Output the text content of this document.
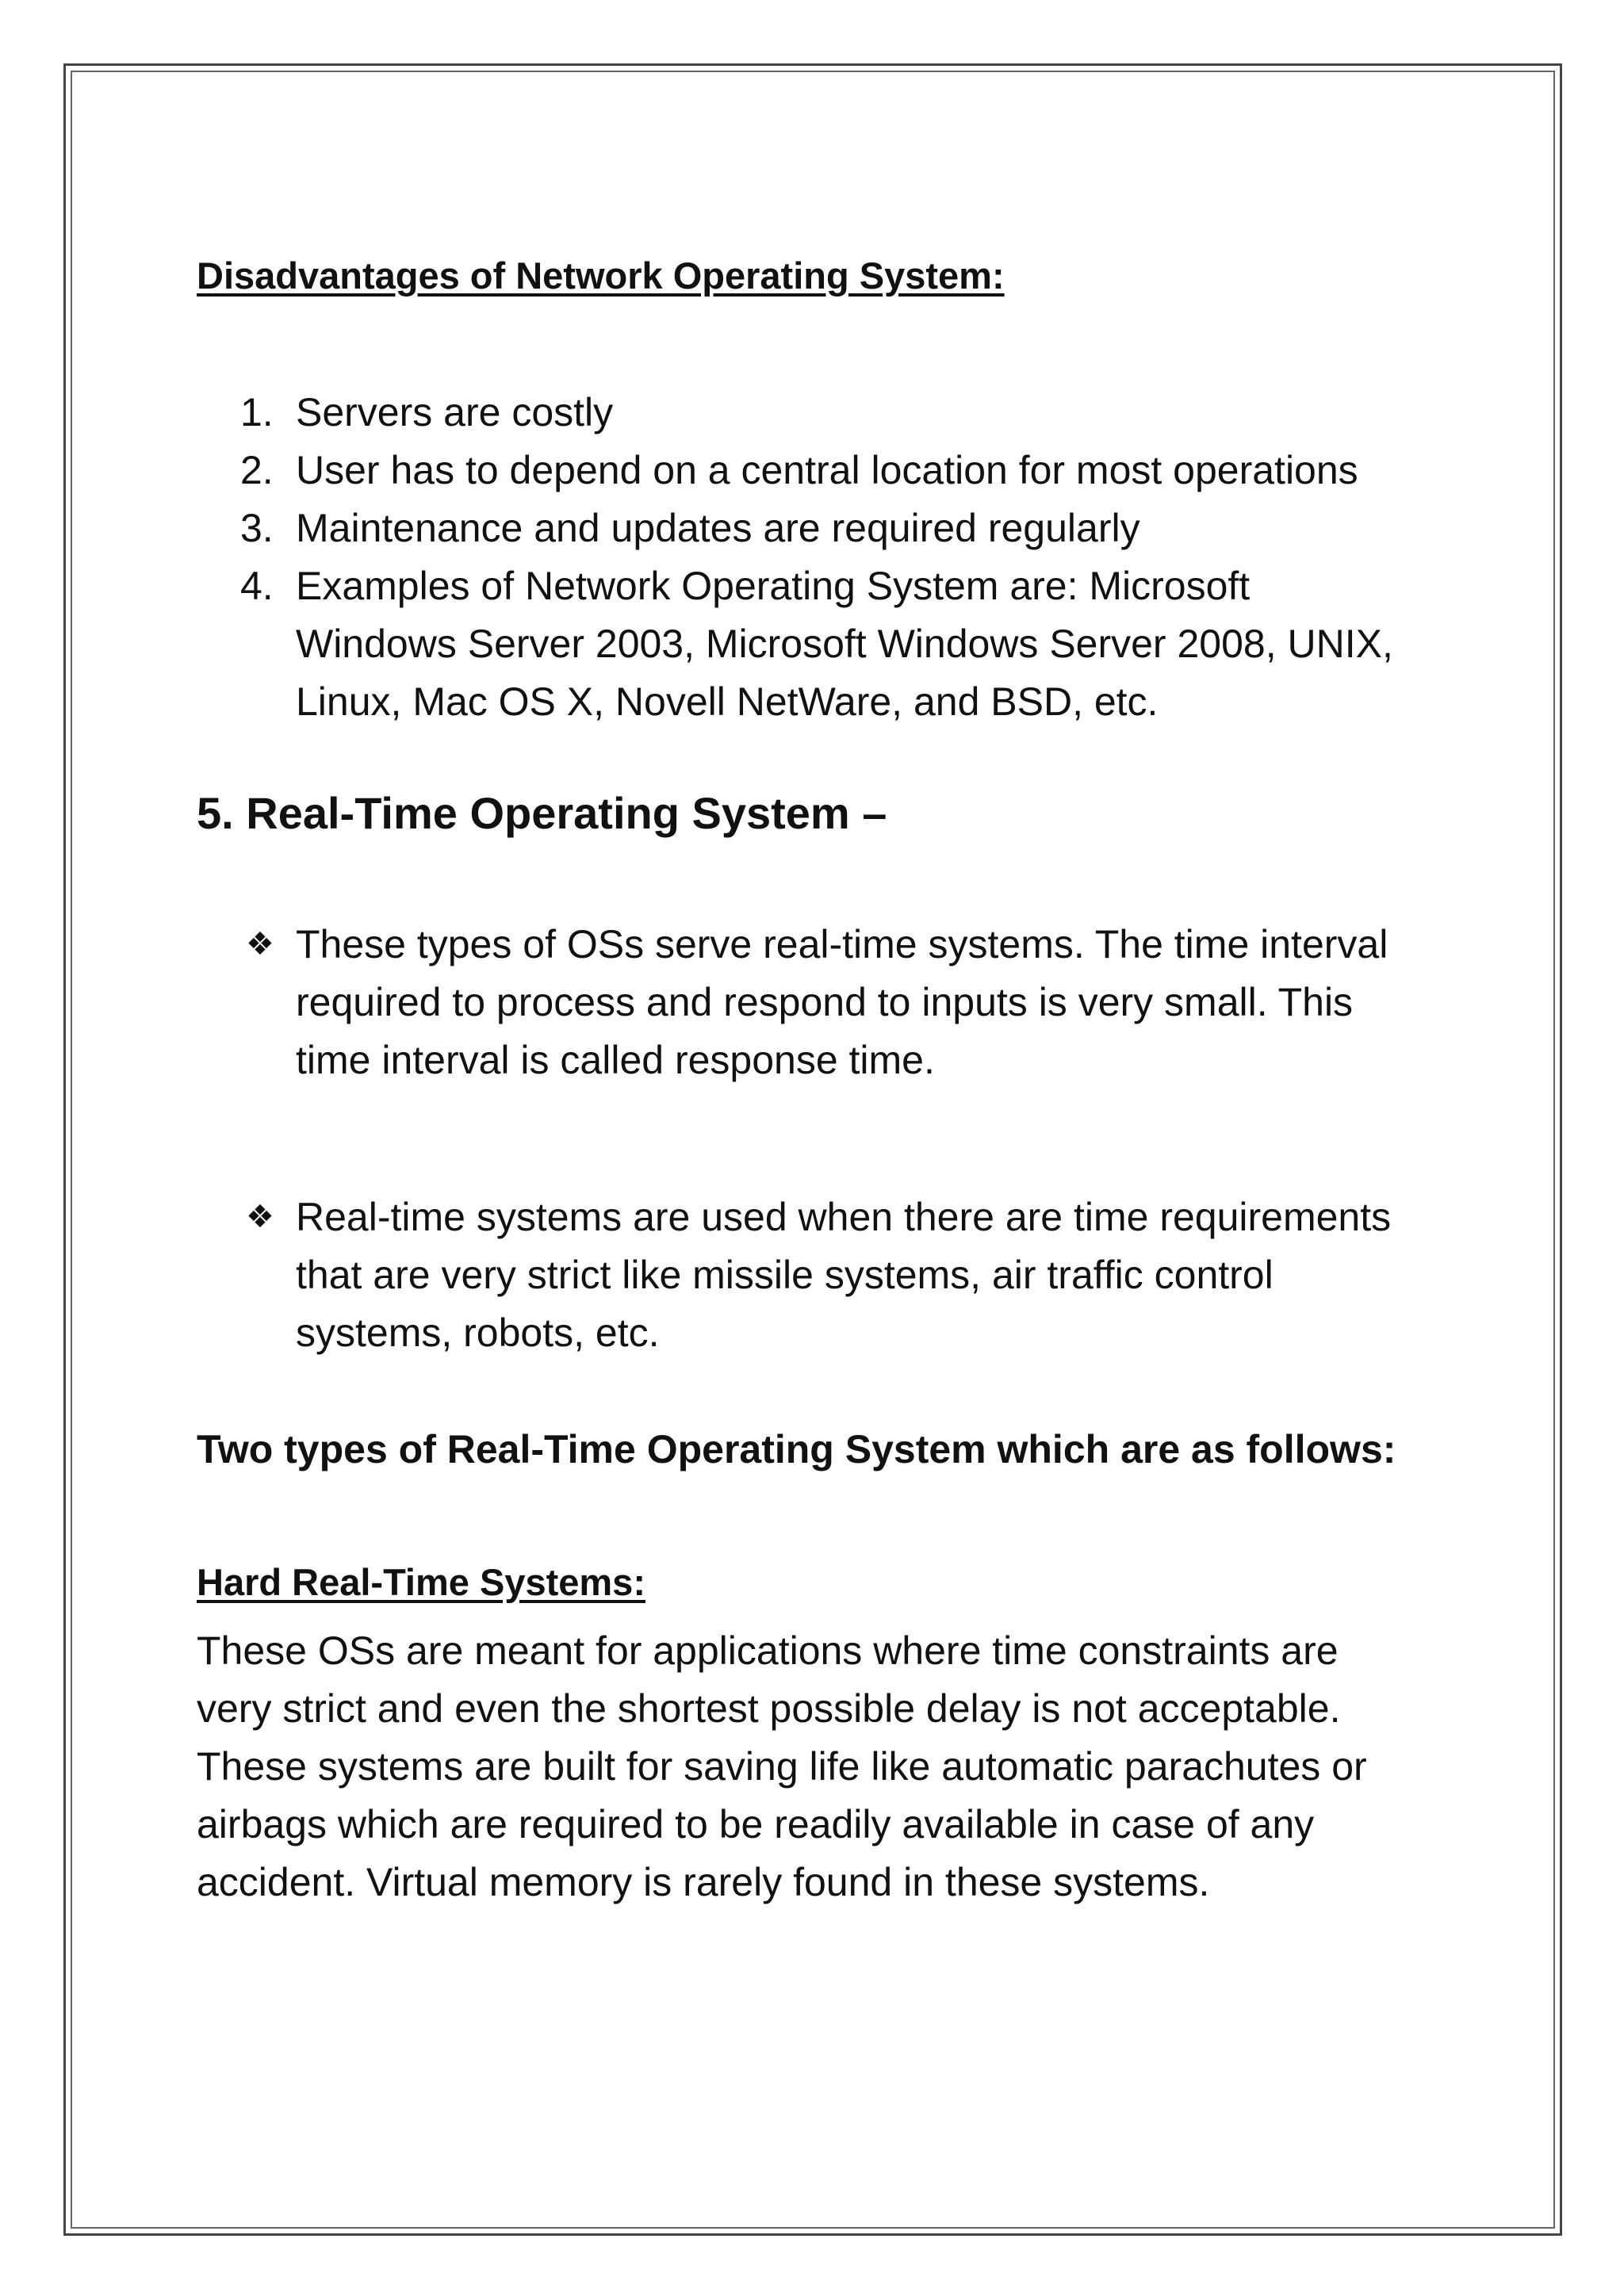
Disadvantages of Network Operating System:
1. Servers are costly
2. User has to depend on a central location for most operations
3. Maintenance and updates are required regularly
4. Examples of Network Operating System are: Microsoft
Windows Server 2003, Microsoft Windows Server 2008, UNIX,
Linux, Mac OS X, Novell NetWare, and BSD, etc.
5. Real-Time Operating System –
❖ These types of OSs serve real-time systems. The time interval
required to process and respond to inputs is very small. This
time interval is called response time.
❖ Real-time systems are used when there are time requirements
that are very strict like missile systems, air traffic control
systems, robots, etc.

Two types of Real-Time Operating System which are as follows:

Hard Real-Time Systems:

These OSs are meant for applications where time constraints are
very strict and even the shortest possible delay is not acceptable.
These systems are built for saving life like automatic parachutes or
airbags which are required to be readily available in case of any
accident. Virtual memory is rarely found in these systems.
